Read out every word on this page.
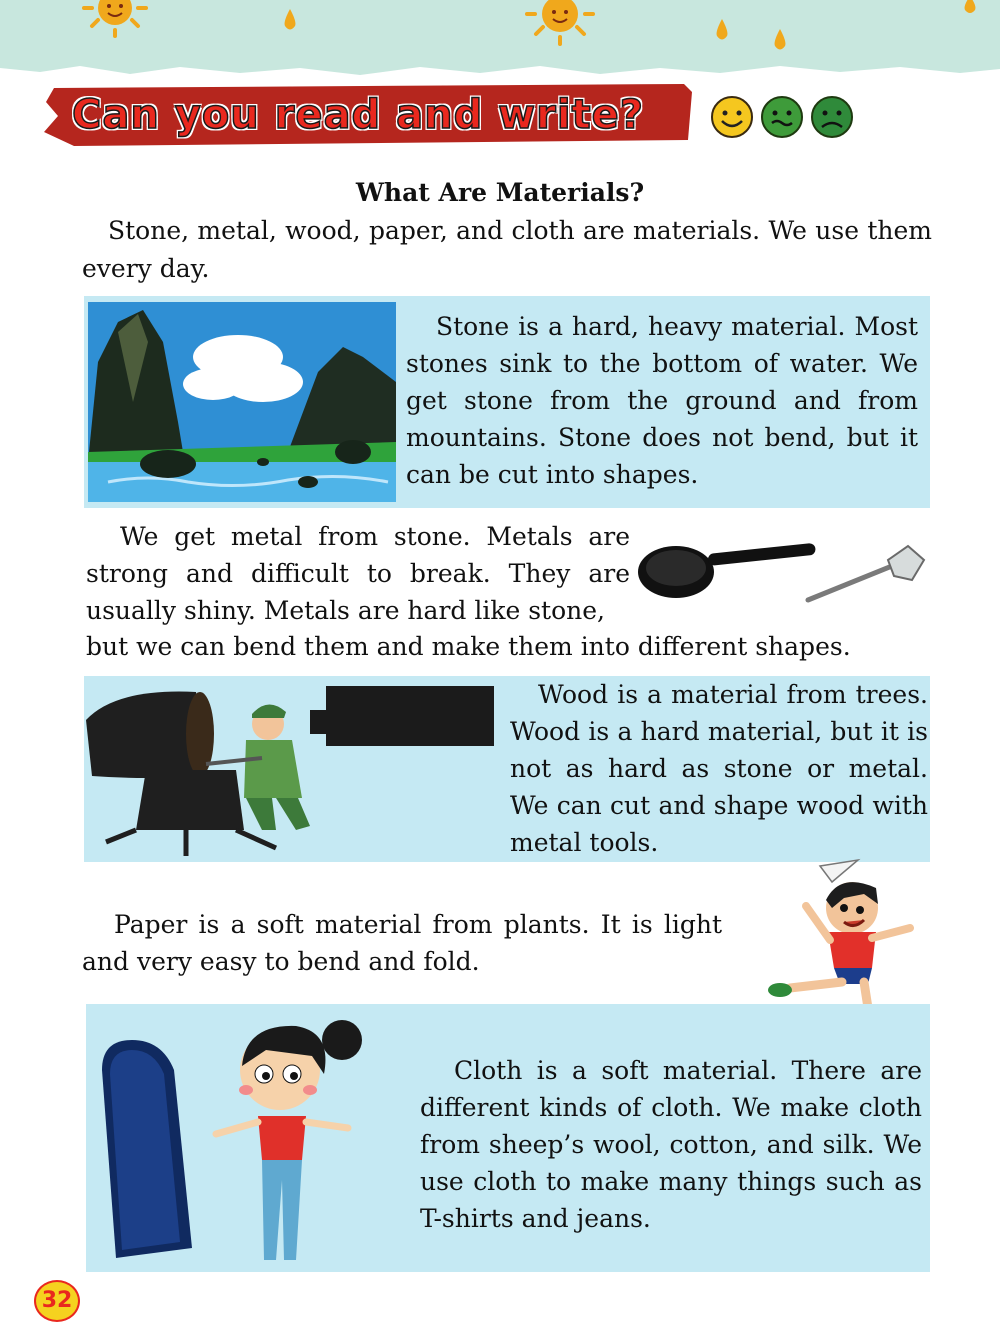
Can you read and write?
What Are Materials?

Stone, metal, wood, paper, and cloth are materials. We use them every day.

Stone is a hard, heavy material. Most stones sink to the bottom of water. We get stone from the ground and from mountains. Stone does not bend, but it can be cut into shapes.

We get metal from stone. Metals are strong and difficult to break. They are usually shiny. Metals are hard like stone,

but we can bend them and make them into different shapes.

Wood is a material from trees. Wood is a hard material, but it is not as hard as stone or metal. We can cut and shape wood with metal tools.

Paper is a soft material from plants. It is light and very easy to bend and fold.

Cloth is a soft material. There are different kinds of cloth. We make cloth from sheep’s wool, cotton, and silk. We use cloth to make many things such as T-shirts and jeans.

32
